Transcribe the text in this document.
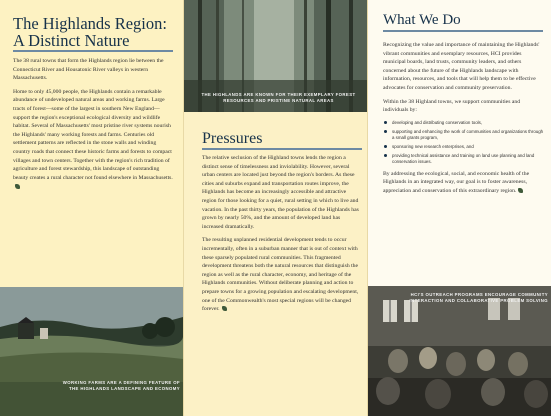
The Highlands Region:
A Distinct Nature

The 38 rural towns that form the Highlands region lie between the Connecticut River and Housatonic River valleys in western Massachusetts.

Home to only 45,000 people, the Highlands contain a remarkable abundance of undeveloped natural areas and working farms. Large tracts of forest—some of the largest in southern New England—support the region's exceptional ecological diversity and wildlife habitat. Several of Massachusetts' most pristine river systems nourish the Highlands' many working forests and farms. Centuries old settlement patterns are reflected in the stone walls and winding country roads that connect these historic farms and forests to compact villages and town centers. Together with the region's rich tradition of agriculture and forest stewardship, this landscape of outstanding beauty creates a rural character not found elsewhere in Massachusetts.

WORKING FARMS ARE A DEFINING FEATURE OF THE HIGHLANDS LANDSCAPE AND ECONOMY
THE HIGHLANDS ARE KNOWN FOR THEIR EXEMPLARY FOREST RESOURCES AND PRISTINE NATURAL AREAS
Pressures

The relative seclusion of the Highland towns lends the region a distinct sense of timelessness and inviolability. However, several urban centers are located just beyond the region's borders. As these cities and suburbs expand and transportation routes improve, the Highlands has become an increasingly accessible and attractive region for those looking for a quiet, rural setting in which to live and vacation. In the past thirty years, the population of the Highlands has grown by nearly 50%, and the amount of developed land has increased dramatically.

The resulting unplanned residential development tends to occur incrementally, often in a suburban manner that is out of context with these sparsely populated rural communities. This fragmented development threatens both the natural resources that distinguish the region as well as the rural character, economy, and heritage of the Highlands communities. Without deliberate planning and action to prepare towns for a growing population and escalating development, one of the Commonwealth's most special regions will be changed forever.

What We Do

Recognizing the value and importance of maintaining the Highlands' vibrant communities and exemplary resources, HCI provides municipal boards, land trusts, community leaders, and others concerned about the future of the Highlands landscape with information, resources, and tools that will help them to be effective advocates for conservation and community preservation.

Within the 38 Highland towns, we support communities and individuals by:

developing and distributing conservation tools,
supporting and enhancing the work of communities and organizations through a small grants program,
sponsoring new research enterprises, and
providing technical assistance and training on land use planning and land conservation issues.

By addressing the ecological, social, and economic health of the Highlands in an integrated way, our goal is to foster awareness, appreciation and conservation of this extraordinary region.

HCI'S OUTREACH PROGRAMS ENCOURAGE COMMUNITY INTERACTION AND COLLABORATIVE PROBLEM SOLVING
